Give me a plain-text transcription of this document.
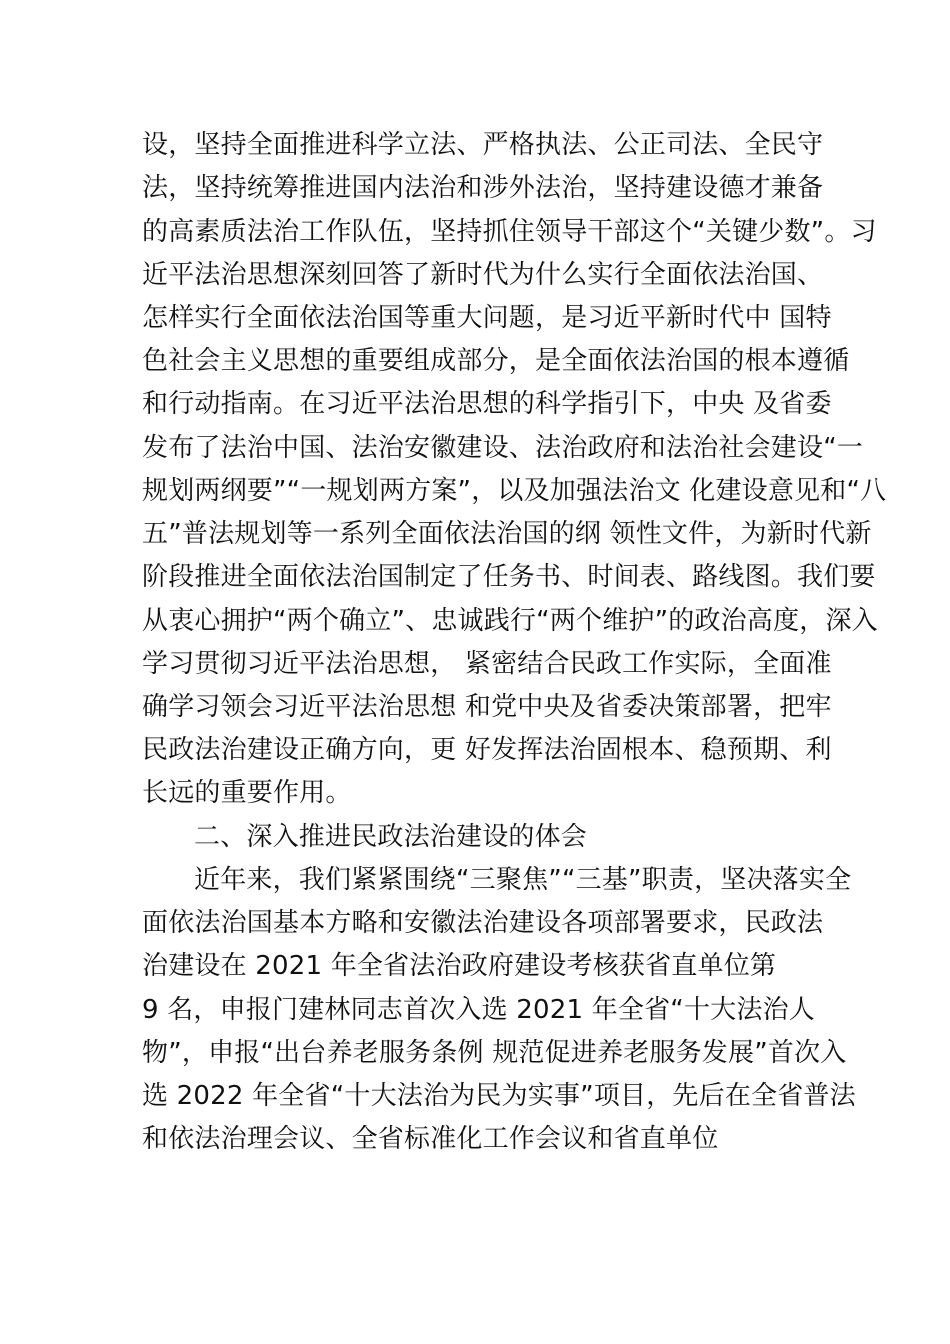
设，坚持全面推进科学立法、严格执法、公正司法、全民守
法，坚持统筹推进国内法治和涉外法治，坚持建设德才兼备
的高素质法治工作队伍，坚持抓住领导干部这个“关键少数”。习
近平法治思想深刻回答了新时代为什么实行全面依法治国、
怎样实行全面依法治国等重大问题，是习近平新时代中 国特
色社会主义思想的重要组成部分，是全面依法治国的根本遵循
和行动指南。在习近平法治思想的科学指引下，中央 及省委
发布了法治中国、法治安徽建设、法治政府和法治社会建设“一
规划两纲要”“一规划两方案”，以及加强法治文 化建设意见和“八
五”普法规划等一系列全面依法治国的纲 领性文件，为新时代新
阶段推进全面依法治国制定了任务书、时间表、路线图。我们要
从衷心拥护“两个确立”、忠诚践行“两个维护”的政治高度，深入
学习贯彻习近平法治思想， 紧密结合民政工作实际，全面准
确学习领会习近平法治思想 和党中央及省委决策部署，把牢
民政法治建设正确方向，更 好发挥法治固根本、稳预期、利
长远的重要作用。
二、深入推进民政法治建设的体会
近年来，我们紧紧围绕“三聚焦”“三基”职责，坚决落实全
面依法治国基本方略和安徽法治建设各项部署要求，民政法
治建设在 2021 年全省法治政府建设考核获省直单位第
9 名，申报门建林同志首次入选 2021 年全省“十大法治人
物”，申报“出台养老服务条例 规范促进养老服务发展”首次入
选 2022 年全省“十大法治为民为实事”项目，先后在全省普法
和依法治理会议、全省标准化工作会议和省直单位
